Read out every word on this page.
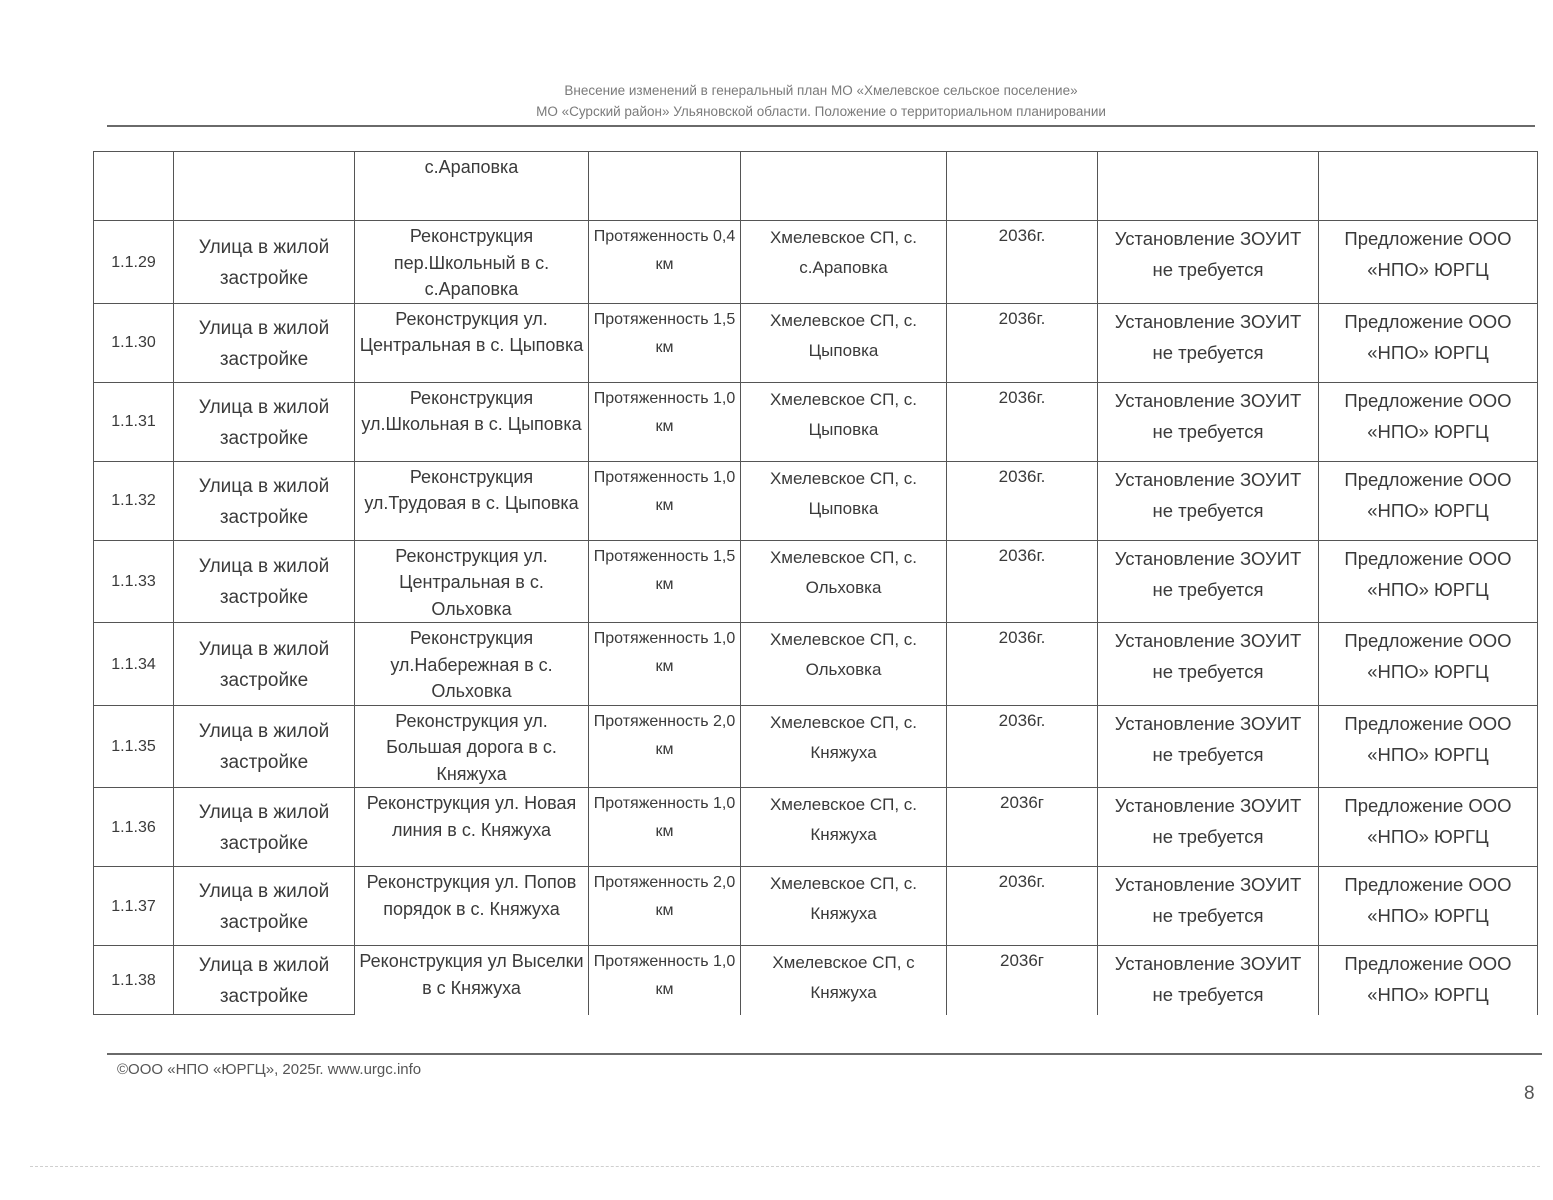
Внесение изменений в генеральный план МО «Хмелевское сельское поселение»
МО «Сурский район» Ульяновской области. Положение о территориальном планировании
		с.Араповка					
1.1.29	Улица в жилой застройке	Реконструкция пер.Школьный в с. с.Араповка	Протяженность 0,4 км	Хмелевское СП, с. с.Араповка	2036г.	Установление ЗОУИТ не требуется	Предложение ООО «НПО» ЮРГЦ
1.1.30	Улица в жилой застройке	Реконструкция ул. Центральная в с. Цыповка	Протяженность 1,5 км	Хмелевское СП, с. Цыповка	2036г.	Установление ЗОУИТ не требуется	Предложение ООО «НПО» ЮРГЦ
1.1.31	Улица в жилой застройке	Реконструкция ул.Школьная в с. Цыповка	Протяженность 1,0 км	Хмелевское СП, с. Цыповка	2036г.	Установление ЗОУИТ не требуется	Предложение ООО «НПО» ЮРГЦ
1.1.32	Улица в жилой застройке	Реконструкция ул.Трудовая в с. Цыповка	Протяженность 1,0 км	Хмелевское СП, с. Цыповка	2036г.	Установление ЗОУИТ не требуется	Предложение ООО «НПО» ЮРГЦ
1.1.33	Улица в жилой застройке	Реконструкция ул. Центральная в с. Ольховка	Протяженность 1,5 км	Хмелевское СП, с. Ольховка	2036г.	Установление ЗОУИТ не требуется	Предложение ООО «НПО» ЮРГЦ
1.1.34	Улица в жилой застройке	Реконструкция ул.Набережная в с. Ольховка	Протяженность 1,0 км	Хмелевское СП, с. Ольховка	2036г.	Установление ЗОУИТ не требуется	Предложение ООО «НПО» ЮРГЦ
1.1.35	Улица в жилой застройке	Реконструкция ул. Большая дорога в с. Княжуха	Протяженность 2,0 км	Хмелевское СП, с. Княжуха	2036г.	Установление ЗОУИТ не требуется	Предложение ООО «НПО» ЮРГЦ
1.1.36	Улица в жилой застройке	Реконструкция ул. Новая линия в с. Княжуха	Протяженность 1,0 км	Хмелевское СП, с. Княжуха	2036г	Установление ЗОУИТ не требуется	Предложение ООО «НПО» ЮРГЦ
1.1.37	Улица в жилой застройке	Реконструкция ул. Попов порядок в с. Княжуха	Протяженность 2,0 км	Хмелевское СП, с. Княжуха	2036г.	Установление ЗОУИТ не требуется	Предложение ООО «НПО» ЮРГЦ
1.1.38	Улица в жилой застройке	Реконструкция ул Выселки в с Княжуха	Протяженность 1,0 км	Хмелевское СП, с Княжуха	2036г	Установление ЗОУИТ не требуется	Предложение ООО «НПО» ЮРГЦ
©ООО «НПО «ЮРГЦ», 2025г. www.urgc.info
8
